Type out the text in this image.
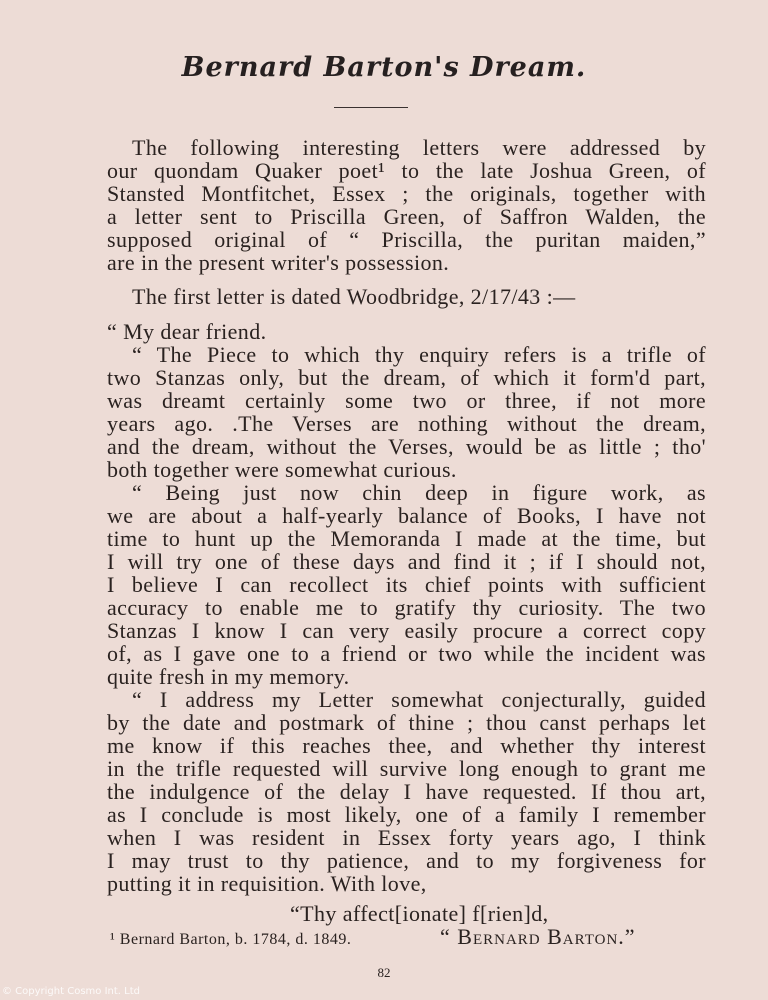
Bernard Barton's Dream.
The following interesting letters were addressed by
our quondam Quaker poet¹ to the late Joshua Green, of
Stansted Montfitchet, Essex ; the originals, together with
a letter sent to Priscilla Green, of Saffron Walden, the
supposed original of “ Priscilla, the puritan maiden,”
are in the present writer's possession.
The first letter is dated Woodbridge, 2/17/43 :—
“ My dear friend.
“ The Piece to which thy enquiry refers is a trifle of
two Stanzas only, but the dream, of which it form'd part,
was dreamt certainly some two or three, if not more
years ago. .The Verses are nothing without the dream,
and the dream, without the Verses, would be as little ; tho'
both together were somewhat curious.
“ Being just now chin deep in figure work, as
we are about a half-yearly balance of Books, I have not
time to hunt up the Memoranda I made at the time, but
I will try one of these days and find it ; if I should not,
I believe I can recollect its chief points with sufficient
accuracy to enable me to gratify thy curiosity. The two
Stanzas I know I can very easily procure a correct copy
of, as I gave one to a friend or two while the incident was
quite fresh in my memory.
“ I address my Letter somewhat conjecturally, guided
by the date and postmark of thine ; thou canst perhaps let
me know if this reaches thee, and whether thy interest
in the trifle requested will survive long enough to grant me
the indulgence of the delay I have requested. If thou art,
as I conclude is most likely, one of a family I remember
when I was resident in Essex forty years ago, I think
I may trust to thy patience, and to my forgiveness for
putting it in requisition. With love,
“Thy affect[ionate] f[rien]d,
“ Bernard Barton.”
¹ Bernard Barton, b. 1784, d. 1849.
82
© Copyright Cosmo Int. Ltd
